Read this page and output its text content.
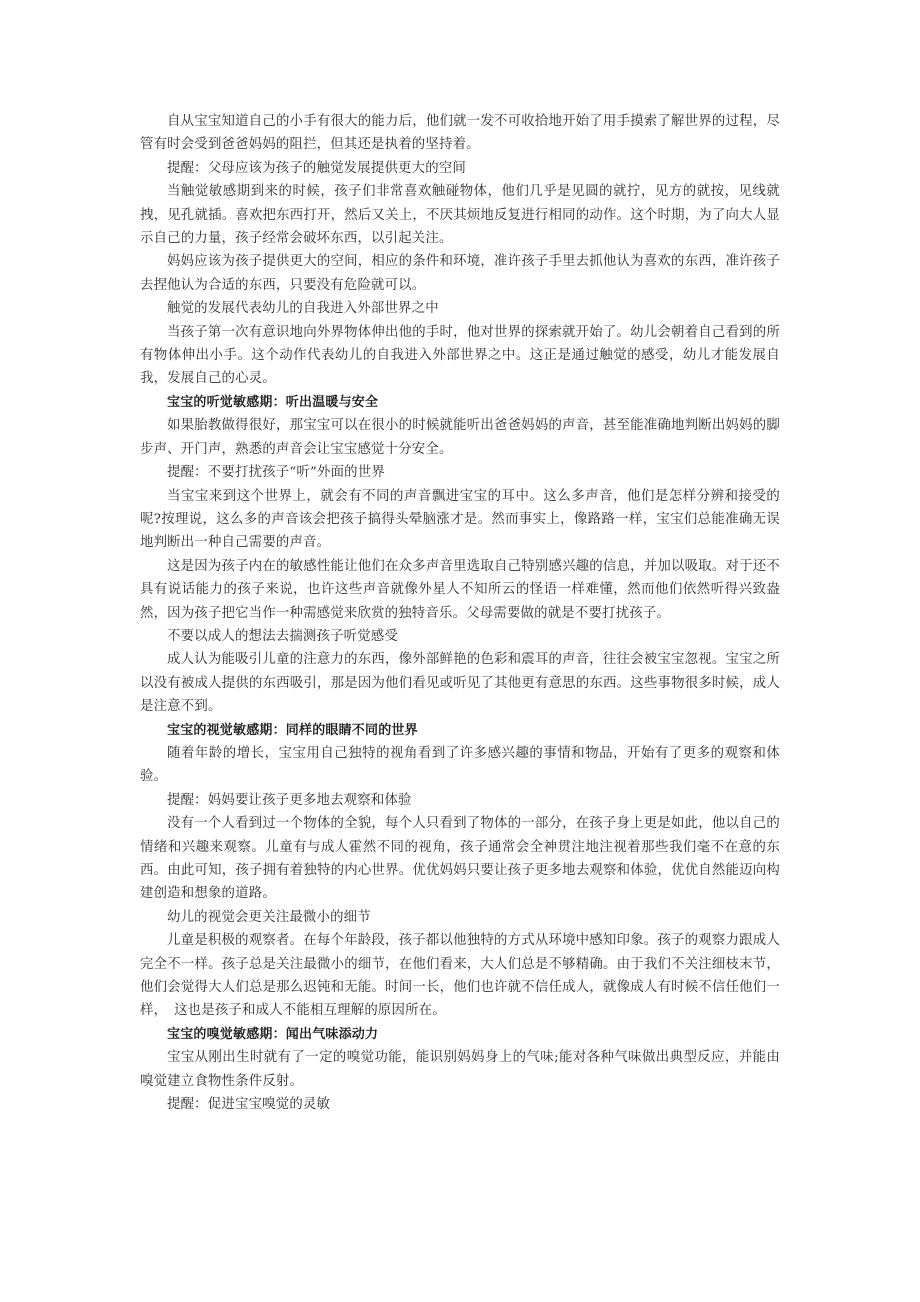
自从宝宝知道自己的小手有很大的能力后，他们就一发不可收拾地开始了用手摸索了解世界的过程，尽管有时会受到爸爸妈妈的阻拦，但其还是执着的坚持着。

提醒：父母应该为孩子的触觉发展提供更大的空间

当触觉敏感期到来的时候，孩子们非常喜欢触碰物体，他们几乎是见圆的就拧，见方的就按，见线就拽，见孔就插。喜欢把东西打开，然后又关上，不厌其烦地反复进行相同的动作。这个时期，为了向大人显示自己的力量，孩子经常会破坏东西，以引起关注。

妈妈应该为孩子提供更大的空间，相应的条件和环境，准许孩子手里去抓他认为喜欢的东西，准许孩子去捏他认为合适的东西，只要没有危险就可以。

触觉的发展代表幼儿的自我进入外部世界之中

当孩子第一次有意识地向外界物体伸出他的手时，他对世界的探索就开始了。幼儿会朝着自己看到的所有物体伸出小手。这个动作代表幼儿的自我进入外部世界之中。这正是通过触觉的感受，幼儿才能发展自我，发展自己的心灵。

宝宝的听觉敏感期：听出温暖与安全

如果胎教做得很好，那宝宝可以在很小的时候就能听出爸爸妈妈的声音，甚至能准确地判断出妈妈的脚步声、开门声，熟悉的声音会让宝宝感觉十分安全。

提醒：不要打扰孩子“听”外面的世界

当宝宝来到这个世界上，就会有不同的声音飘进宝宝的耳中。这么多声音，他们是怎样分辨和接受的呢?按理说，这么多的声音该会把孩子搞得头晕脑涨才是。然而事实上，像路路一样，宝宝们总能准确无误地判断出一种自己需要的声音。

这是因为孩子内在的敏感性能让他们在众多声音里选取自己特别感兴趣的信息，并加以吸取。对于还不具有说话能力的孩子来说，也许这些声音就像外星人不知所云的怪语一样难懂，然而他们依然听得兴致盎然，因为孩子把它当作一种需感觉来欣赏的独特音乐。父母需要做的就是不要打扰孩子。

不要以成人的想法去揣测孩子听觉感受

成人认为能吸引儿童的注意力的东西，像外部鲜艳的色彩和震耳的声音，往往会被宝宝忽视。宝宝之所以没有被成人提供的东西吸引，那是因为他们看见或听见了其他更有意思的东西。这些事物很多时候，成人是注意不到。

宝宝的视觉敏感期：同样的眼睛不同的世界

随着年龄的增长，宝宝用自己独特的视角看到了许多感兴趣的事情和物品，开始有了更多的观察和体验。

提醒：妈妈要让孩子更多地去观察和体验

没有一个人看到过一个物体的全貌，每个人只看到了物体的一部分，在孩子身上更是如此，他以自己的情绪和兴趣来观察。儿童有与成人霍然不同的视角，孩子通常会全神贯注地注视着那些我们毫不在意的东西。由此可知，孩子拥有着独特的内心世界。优优妈妈只要让孩子更多地去观察和体验，优优自然能迈向构建创造和想象的道路。

幼儿的视觉会更关注最微小的细节

儿童是积极的观察者。在每个年龄段，孩子都以他独特的方式从环境中感知印象。孩子的观察力跟成人完全不一样。孩子总是关注最微小的细节，在他们看来，大人们总是不够精确。由于我们不关注细枝末节，他们会觉得大人们总是那么迟钝和无能。时间一长，他们也许就不信任成人，就像成人有时候不信任他们一样，　这也是孩子和成人不能相互理解的原因所在。

宝宝的嗅觉敏感期：闻出气味添动力

宝宝从刚出生时就有了一定的嗅觉功能，能识别妈妈身上的气味;能对各种气味做出典型反应，并能由嗅觉建立食物性条件反射。

提醒：促进宝宝嗅觉的灵敏
